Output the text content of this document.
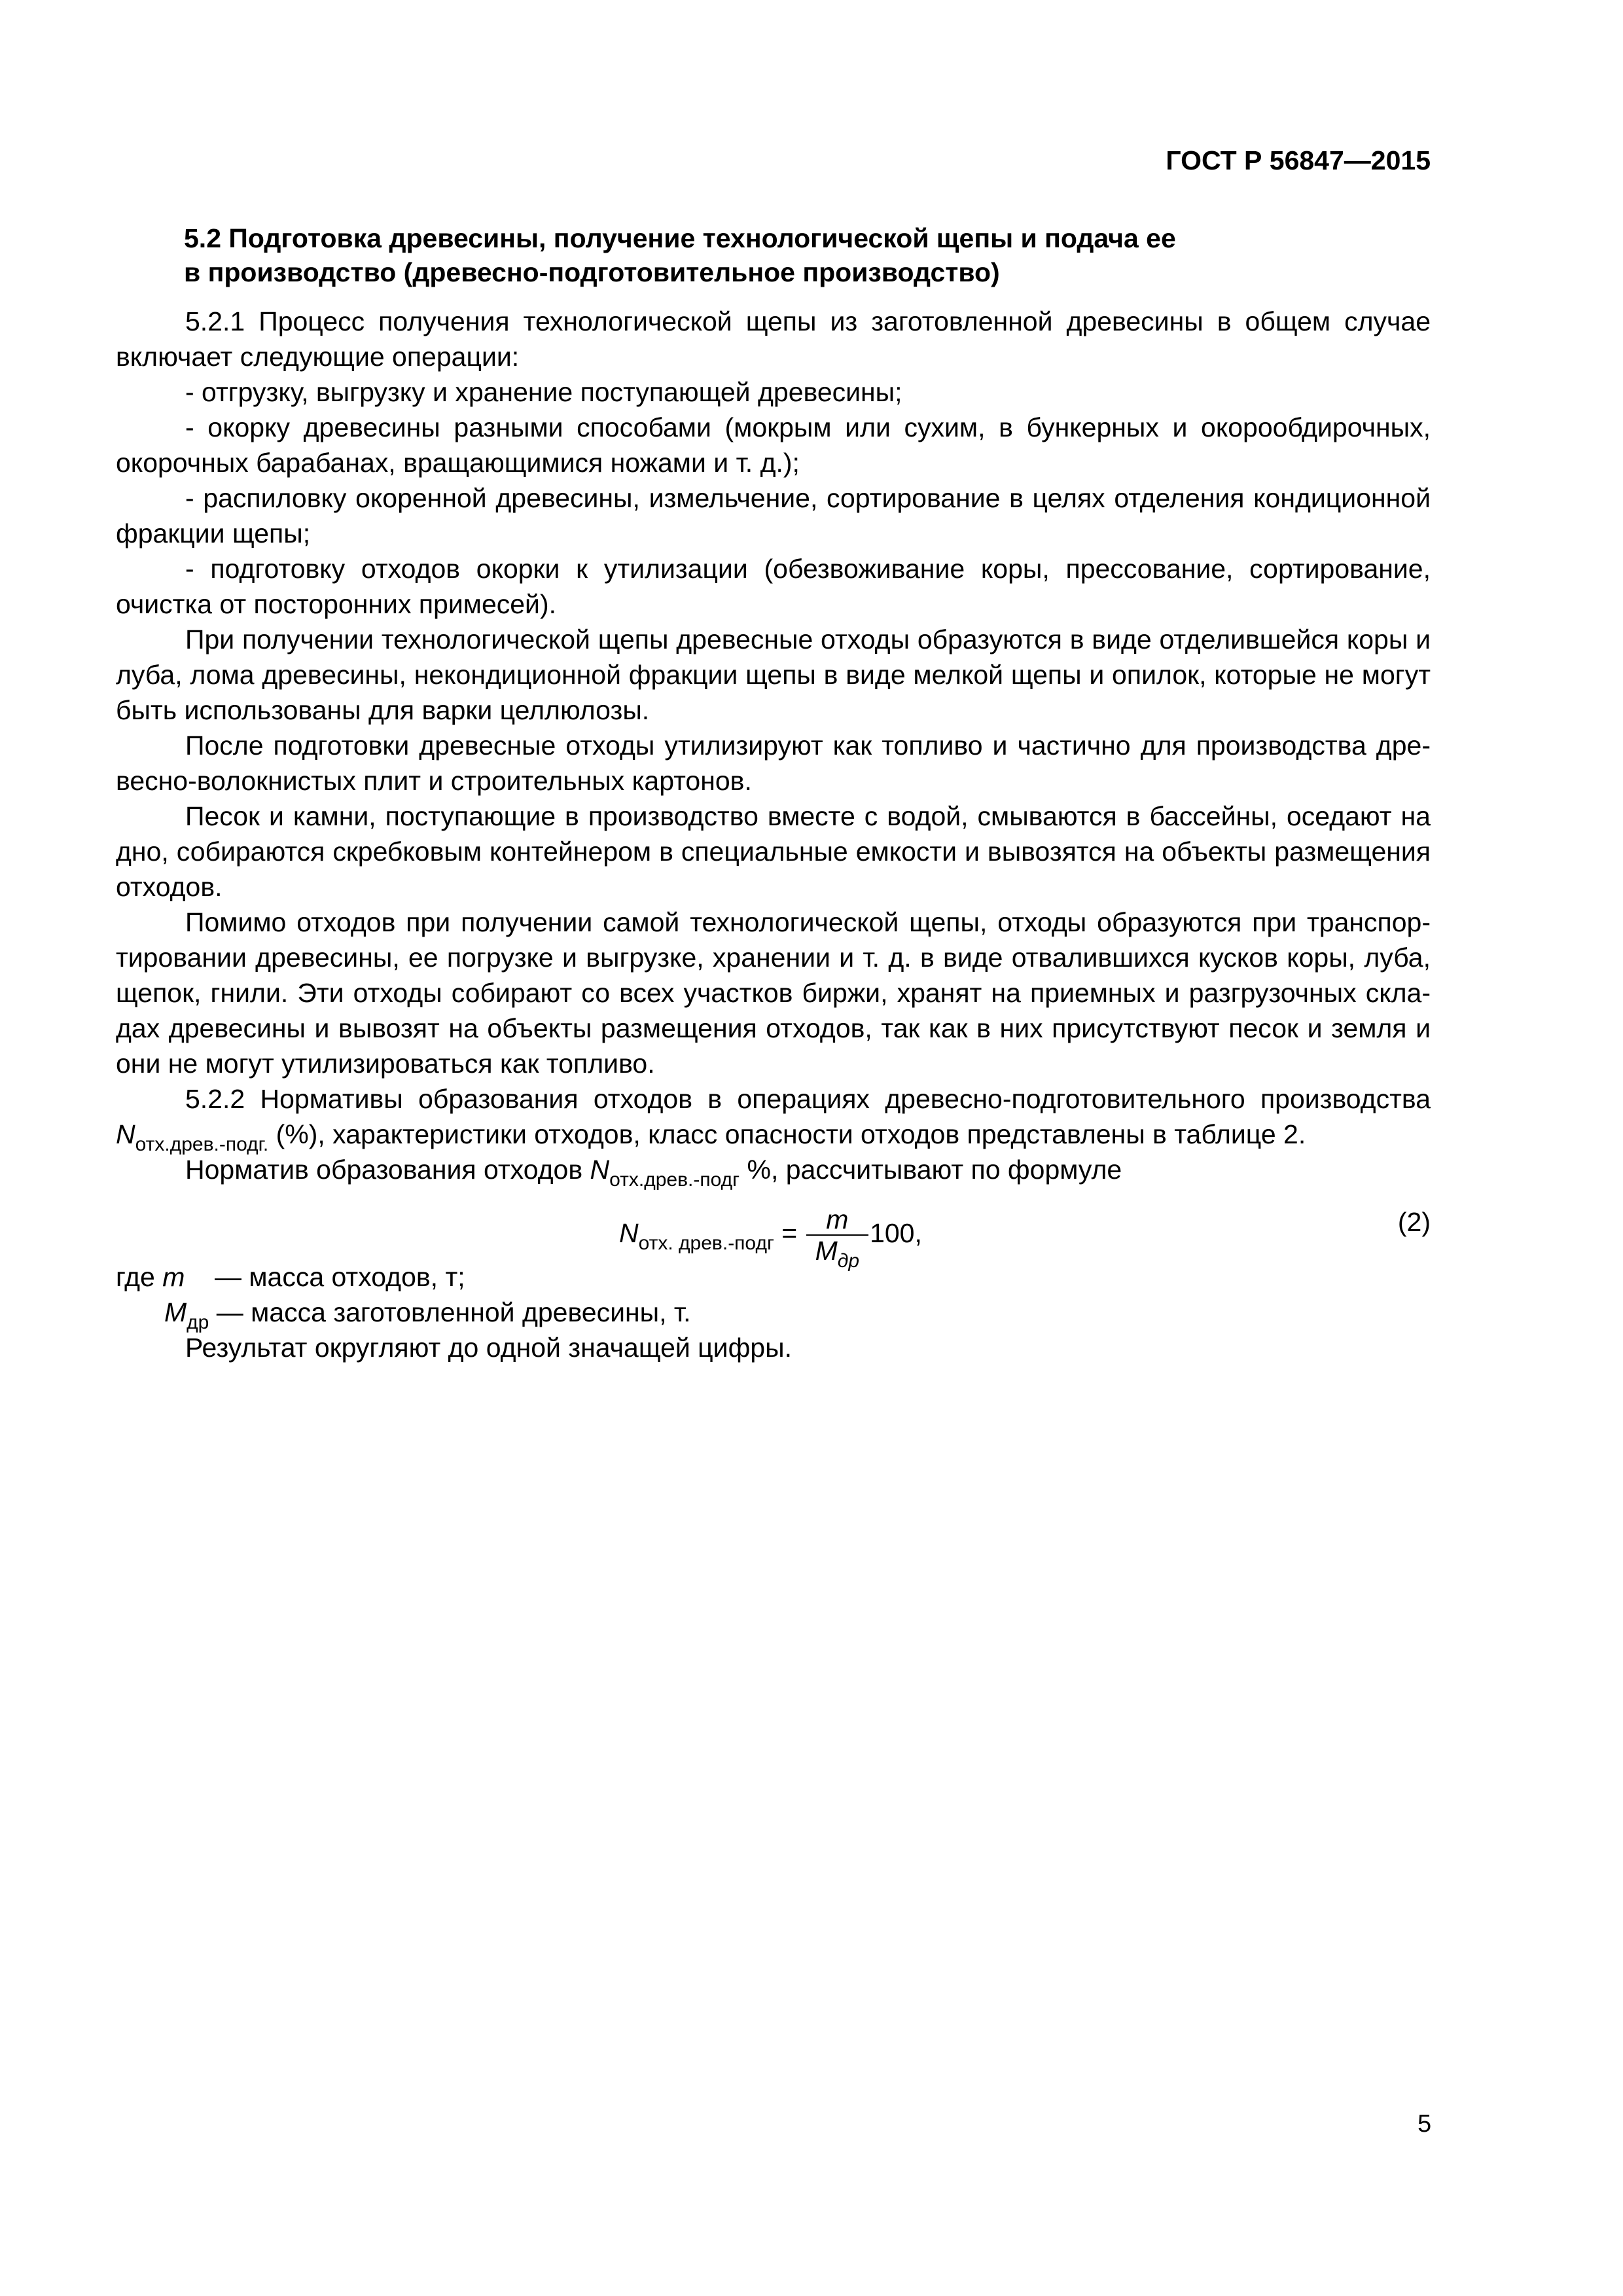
ГОСТ Р 56847—2015
5.2 Подготовка древесины, получение технологической щепы и подача ее
в производство (древесно-подготовительное производство)

5.2.1 Процесс получения технологической щепы из заготовленной древесины в общем случае включает следующие операции:

- отгрузку, выгрузку и хранение поступающей древесины;

- окорку древесины разными способами (мокрым или сухим, в бункерных и окорообдирочных, окорочных барабанах, вращающимися ножами и т. д.);

- распиловку окоренной древесины, измельчение, сортирование в целях отделения кондиционной фракции щепы;

- подготовку отходов окорки к утилизации (обезвоживание коры, прессование, сортирование, очистка от посторонних примесей).

При получении технологической щепы древесные отходы образуются в виде отделившейся коры и луба, лома древесины, некондиционной фракции щепы в виде мелкой щепы и опилок, которые не могут быть использованы для варки целлюлозы.

После подготовки древесные отходы утилизируют как топливо и частично для производства древесно-волокнистых плит и строительных картонов.

Песок и камни, поступающие в производство вместе с водой, смываются в бассейны, оседают на дно, собираются скребковым контейнером в специальные емкости и вывозятся на объекты размещения отходов.

Помимо отходов при получении самой технологической щепы, отходы образуются при транспортировании древесины, ее погрузке и выгрузке, хранении и т. д. в виде отвалившихся кусков коры, луба, щепок, гнили. Эти отходы собирают со всех участков биржи, хранят на приемных и разгрузочных складах древесины и вывозят на объекты размещения отходов, так как в них присутствуют песок и земля и они не могут утилизироваться как топливо.

5.2.2 Нормативы образования отходов в операциях древесно-подготовительного производства $N_{отх.древ.-подг.}$ (%), характеристики отходов, класс опасности отходов представлены в таблице 2.

Норматив образования отходов $N_{отх.древ.-подг}$ %, рассчитывают по формуле

$N_{отх. древ.-подг} = \frac{m}{М_{др}} 100$,	(2)

где m    — масса отходов, т;

$М_{др}$ — масса заготовленной древесины, т.

Результат округляют до одной значащей цифры.

5
